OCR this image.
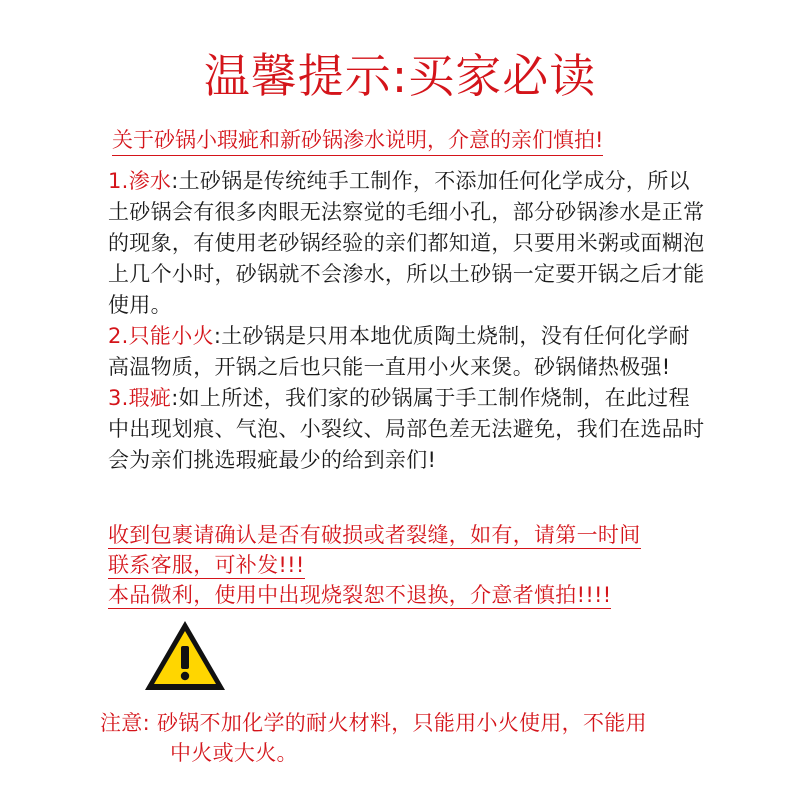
温馨提示:买家必读
关于砂锅小瑕疵和新砂锅渗水说明，介意的亲们慎拍!

1.渗水:土砂锅是传统纯手工制作，不添加任何化学成分，所以土砂锅会有很多肉眼无法察觉的毛细小孔，部分砂锅渗水是正常的现象，有使用老砂锅经验的亲们都知道，只要用米粥或面糊泡上几个小时，砂锅就不会渗水，所以土砂锅一定要开锅之后才能使用。

2.只能小火:土砂锅是只用本地优质陶土烧制，没有任何化学耐高温物质，开锅之后也只能一直用小火来煲。砂锅储热极强!

3.瑕疵:如上所述，我们家的砂锅属于手工制作烧制，在此过程中出现划痕、气泡、小裂纹、局部色差无法避免，我们在选品时会为亲们挑选瑕疵最少的给到亲们!

收到包裹请确认是否有破损或者裂缝，如有，请第一时间
联系客服，可补发!!!
本品微利，使用中出现烧裂恕不退换，介意者慎拍!!!!
注意: 砂锅不加化学的耐火材料，只能用小火使用，不能用
中火或大火。
